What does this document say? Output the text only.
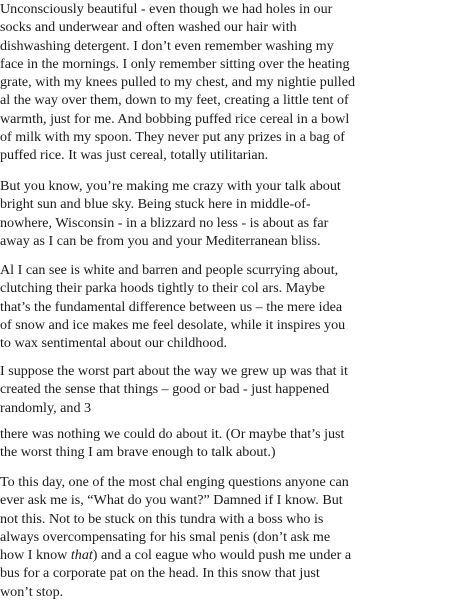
Unconsciously beautiful - even though we had holes in our
socks and underwear and often washed our hair with
dishwashing detergent. I don’t even remember washing my
face in the mornings. I only remember sitting over the heating
grate, with my knees pulled to my chest, and my nightie pulled
al the way over them, down to my feet, creating a little tent of
warmth, just for me. And bobbing puffed rice cereal in a bowl
of milk with my spoon. They never put any prizes in a bag of
puffed rice. It was just cereal, totally utilitarian.

But you know, you’re making me crazy with your talk about
bright sun and blue sky. Being stuck here in middle-of-
nowhere, Wisconsin - in a blizzard no less - is about as far
away as I can be from you and your Mediterranean bliss.

Al I can see is white and barren and people scurrying about,
clutching their parka hoods tightly to their col ars. Maybe
that’s the fundamental difference between us – the mere idea
of snow and ice makes me feel desolate, while it inspires you
to wax sentimental about our childhood.

I suppose the worst part about the way we grew up was that it
created the sense that things – good or bad - just happened
randomly, and 3

there was nothing we could do about it. (Or maybe that’s just
the worst thing I am brave enough to talk about.)

To this day, one of the most chal enging questions anyone can
ever ask me is, “What do you want?” Damned if I know. But
not this. Not to be stuck on this tundra with a boss who is
always overcompensating for his smal penis (don’t ask me
how I know that) and a col eague who would push me under a
bus for a corporate pat on the head. In this snow that just
won’t stop.
